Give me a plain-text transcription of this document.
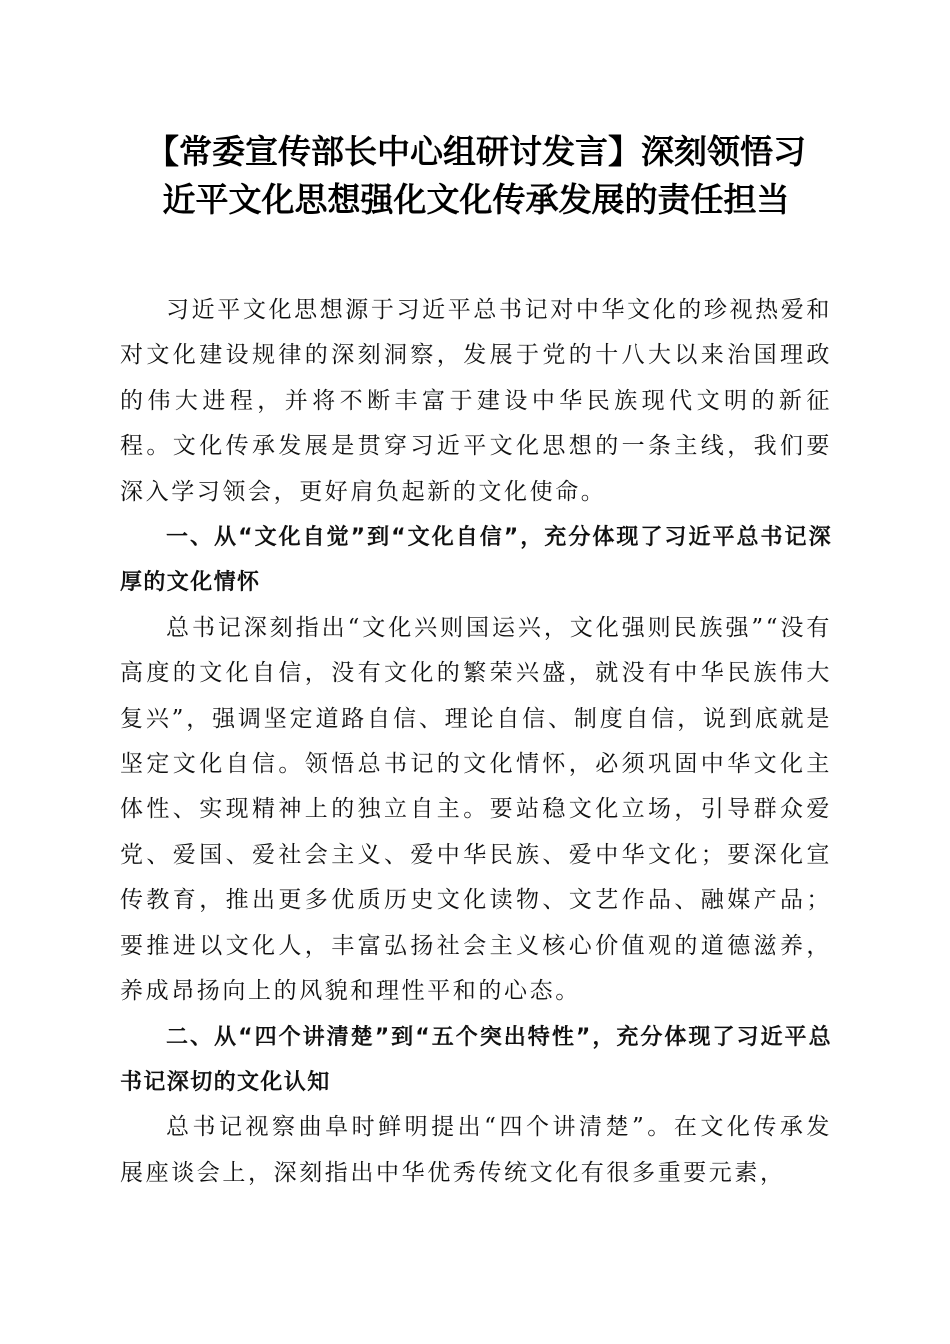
【常委宣传部长中心组研讨发言】深刻领悟习
近平文化思想强化文化传承发展的责任担当

习近平文化思想源于习近平总书记对中华文化的珍视热爱和对文化建设规律的深刻洞察，发展于党的十八大以来治国理政的伟大进程，并将不断丰富于建设中华民族现代文明的新征程。文化传承发展是贯穿习近平文化思想的一条主线，我们要深入学习领会，更好肩负起新的文化使命。

一、从“文化自觉”到“文化自信”，充分体现了习近平总书记深厚的文化情怀

总书记深刻指出“文化兴则国运兴，文化强则民族强”“没有高度的文化自信，没有文化的繁荣兴盛，就没有中华民族伟大复兴”，强调坚定道路自信、理论自信、制度自信，说到底就是坚定文化自信。领悟总书记的文化情怀，必须巩固中华文化主体性、实现精神上的独立自主。要站稳文化立场，引导群众爱党、爱国、爱社会主义、爱中华民族、爱中华文化；要深化宣传教育，推出更多优质历史文化读物、文艺作品、融媒产品；要推进以文化人，丰富弘扬社会主义核心价值观的道德滋养，养成昂扬向上的风貌和理性平和的心态。

二、从“四个讲清楚”到“五个突出特性”，充分体现了习近平总书记深切的文化认知

总书记视察曲阜时鲜明提出“四个讲清楚”。在文化传承发展座谈会上，深刻指出中华优秀传统文化有很多重要元素，
